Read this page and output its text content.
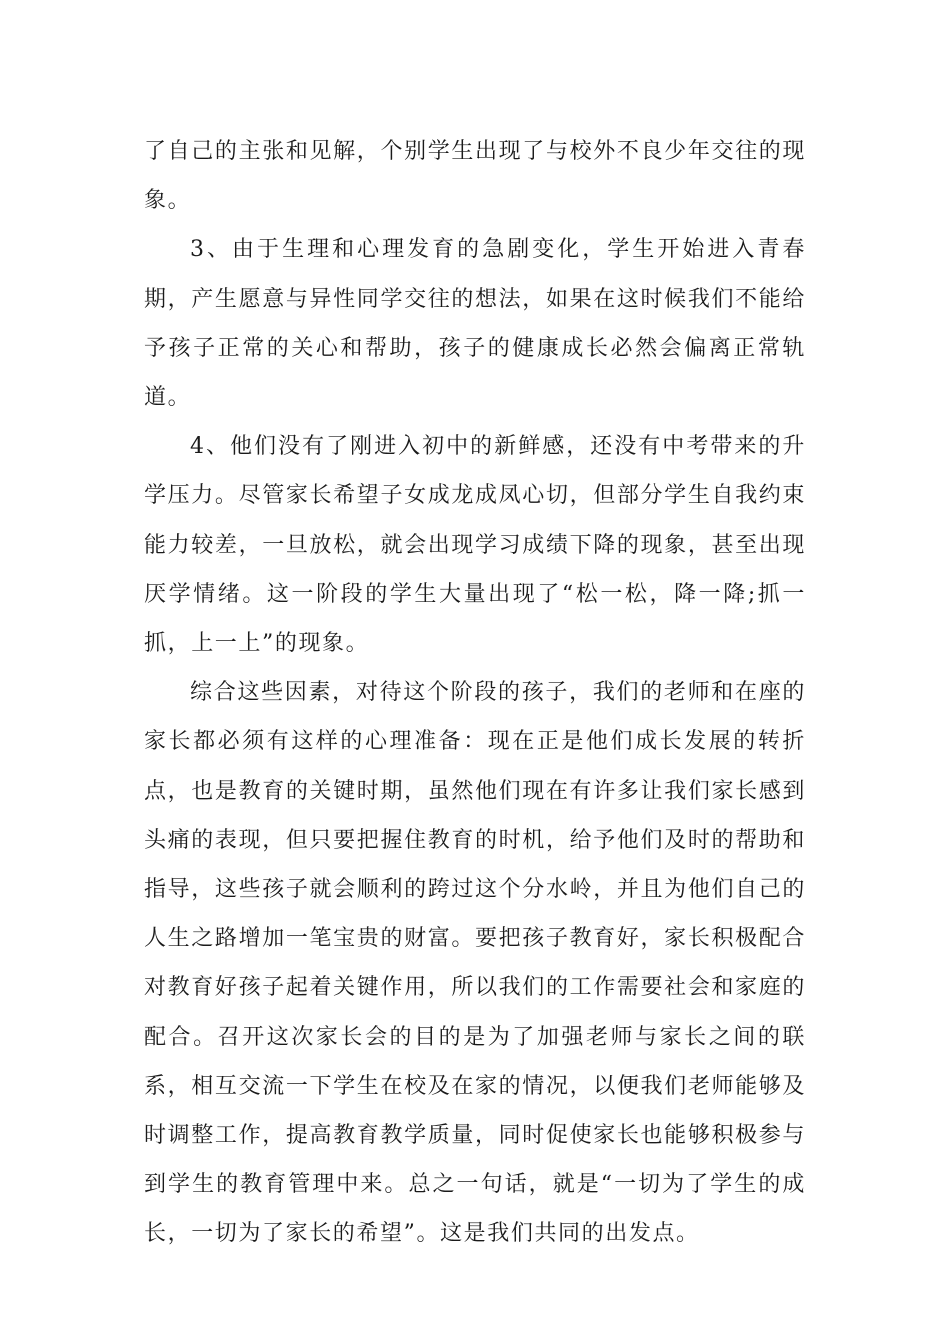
了自己的主张和见解，个别学生出现了与校外不良少年交往的现象。

3、由于生理和心理发育的急剧变化，学生开始进入青春期，产生愿意与异性同学交往的想法，如果在这时候我们不能给予孩子正常的关心和帮助，孩子的健康成长必然会偏离正常轨道。

4、他们没有了刚进入初中的新鲜感，还没有中考带来的升学压力。尽管家长希望子女成龙成凤心切，但部分学生自我约束能力较差，一旦放松，就会出现学习成绩下降的现象，甚至出现厌学情绪。这一阶段的学生大量出现了“松一松，降一降;抓一抓，上一上”的现象。

综合这些因素，对待这个阶段的孩子，我们的老师和在座的家长都必须有这样的心理准备：现在正是他们成长发展的转折点，也是教育的关键时期，虽然他们现在有许多让我们家长感到头痛的表现，但只要把握住教育的时机，给予他们及时的帮助和指导，这些孩子就会顺利的跨过这个分水岭，并且为他们自己的人生之路增加一笔宝贵的财富。要把孩子教育好，家长积极配合对教育好孩子起着关键作用，所以我们的工作需要社会和家庭的配合。召开这次家长会的目的是为了加强老师与家长之间的联系，相互交流一下学生在校及在家的情况，以便我们老师能够及时调整工作，提高教育教学质量，同时促使家长也能够积极参与到学生的教育管理中来。总之一句话，就是“一切为了学生的成长，一切为了家长的希望”。这是我们共同的出发点。
